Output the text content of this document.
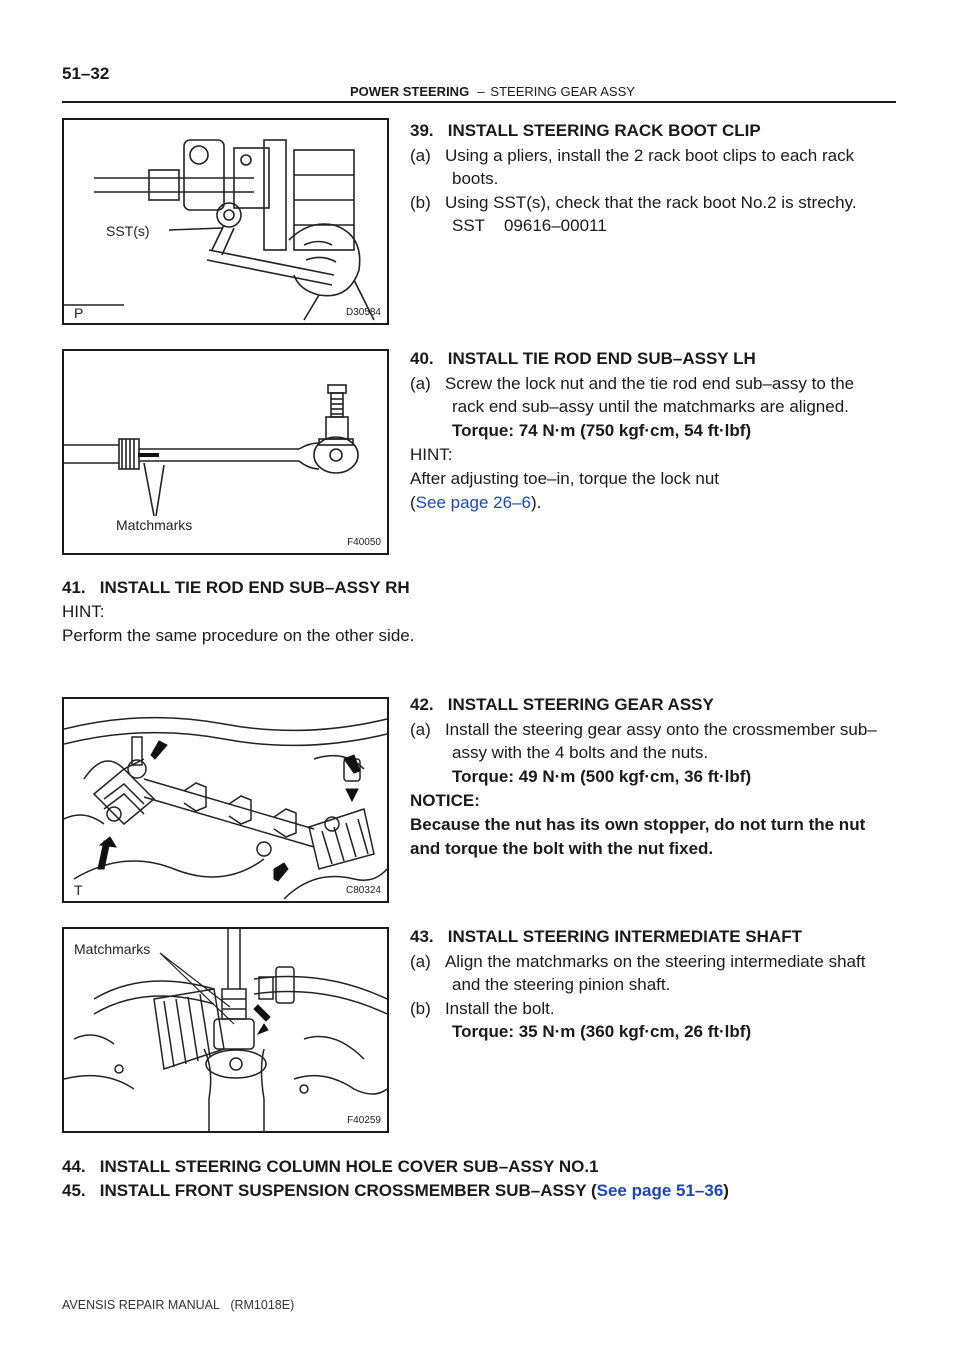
51–32
POWER STEERING – STEERING GEAR ASSY
SST(s)
P	D30584
39.   INSTALL STEERING RACK BOOT CLIP
(a)   Using a pliers, install the 2 rack boot clips to each rack
boots.
(b)   Using SST(s), check that the rack boot No.2 is strechy.
SST    09616–00011
Matchmarks
F40050
40.   INSTALL TIE ROD END SUB–ASSY LH
(a)   Screw the lock nut and the tie rod end sub–assy to the
rack end sub–assy until the matchmarks are aligned.
Torque: 74 N·m (750 kgf·cm, 54 ft·lbf)
HINT:
After adjusting toe–in, torque the lock nut
(See page 26–6).
41.   INSTALL TIE ROD END SUB–ASSY RH
HINT:
Perform the same procedure on the other side.
T	C80324
42.   INSTALL STEERING GEAR ASSY
(a)   Install the steering gear assy onto the crossmember sub–
assy with the 4 bolts and the nuts.
Torque: 49 N·m (500 kgf·cm, 36 ft·lbf)
NOTICE:
Because the nut has its own stopper, do not turn the nut
and torque the bolt with the nut fixed.
Matchmarks
F40259
43.   INSTALL STEERING INTERMEDIATE SHAFT
(a)   Align the matchmarks on the steering intermediate shaft
and the steering pinion shaft.
(b)   Install the bolt.
Torque: 35 N·m (360 kgf·cm, 26 ft·lbf)
44.   INSTALL STEERING COLUMN HOLE COVER SUB–ASSY NO.1
45.   INSTALL FRONT SUSPENSION CROSSMEMBER SUB–ASSY (See page 51–36)
AVENSIS REPAIR MANUAL   (RM1018E)
